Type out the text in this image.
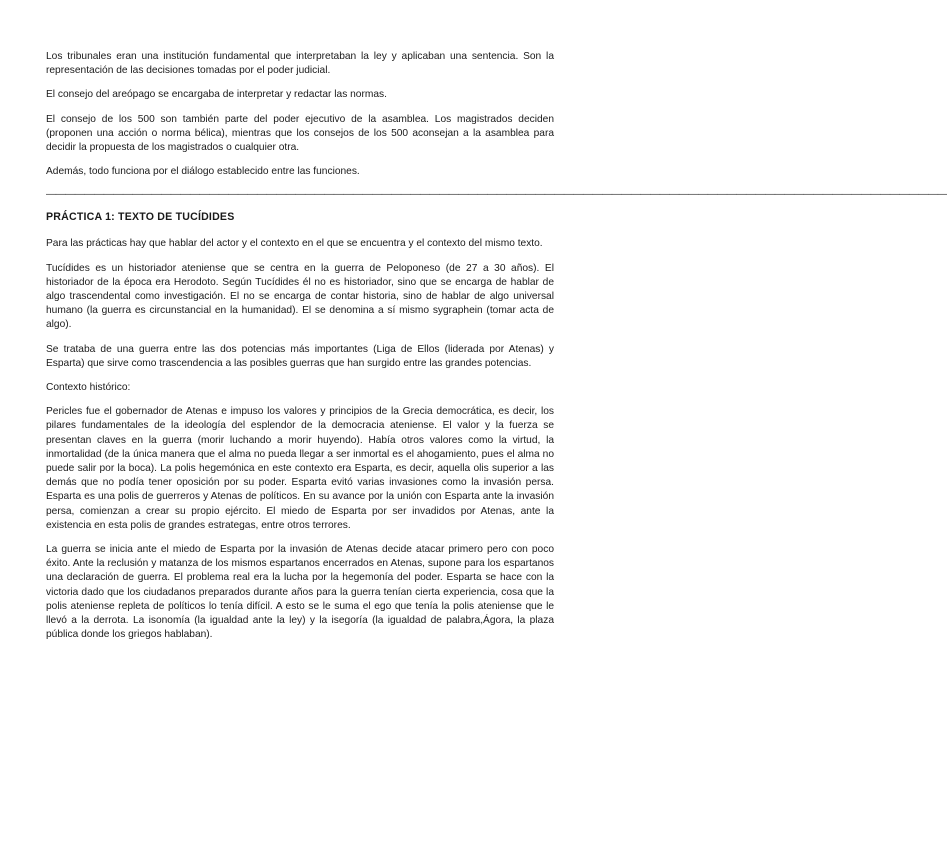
Los tribunales eran una institución fundamental que interpretaban la ley y aplicaban una sentencia. Son la representación de las decisiones tomadas por el poder judicial.

El consejo del areópago se encargaba de interpretar y redactar las normas.

El consejo de los 500 son también parte del poder ejecutivo de la asamblea. Los magistrados deciden (proponen una acción o norma bélica), mientras que los consejos de los 500 aconsejan a la asamblea para decidir la propuesta de los magistrados o cualquier otra.

Además, todo funciona por el diálogo establecido entre las funciones.

——————————————————————————————————————————————————————————————————————————————————————————————
PRÁCTICA 1: TEXTO DE TUCÍDIDES

Para las prácticas hay que hablar del actor y el contexto en el que se encuentra y el contexto del mismo texto.

Tucídides es un historiador ateniense que se centra en la guerra de Peloponeso (de 27 a 30 años). El historiador de la época era Herodoto. Según Tucídides él no es historiador, sino que se encarga de hablar de algo trascendental como investigación. El no se encarga de contar historia, sino de hablar de algo universal humano (la guerra es circunstancial en la humanidad). El se denomina a sí mismo sygraphein (tomar acta de algo).

Se trataba de una guerra entre las dos potencias más importantes (Liga de Ellos (liderada por Atenas) y Esparta) que sirve como trascendencia a las posibles guerras que han surgido entre las grandes potencias.

Contexto histórico:

Pericles fue el gobernador de Atenas e impuso los valores y principios de la Grecia democrática, es decir, los pilares fundamentales de la ideología del esplendor de la democracia ateniense. El valor y la fuerza se presentan claves en la guerra (morir luchando a morir huyendo). Había otros valores como la virtud, la inmortalidad (de la única manera que el alma no pueda llegar a ser inmortal es el ahogamiento, pues el alma no puede salir por la boca). La polis hegemónica en este contexto era Esparta, es decir, aquella olis superior a las demás que no podía tener oposición por su poder. Esparta evitó varias invasiones como la invasión persa. Esparta es una polis de guerreros y Atenas de políticos. En su avance por la unión con Esparta ante la invasión persa, comienzan a crear su propio ejército. El miedo de Esparta por ser invadidos por Atenas, ante la existencia en esta polis de grandes estrategas, entre otros terrores.

La guerra se inicia ante el miedo de Esparta por la invasión de Atenas decide atacar primero pero con poco éxito. Ante la reclusión y matanza de los mismos espartanos encerrados en Atenas, supone para los espartanos una declaración de guerra. El problema real era la lucha por la hegemonía del poder. Esparta se hace con la victoria dado que los ciudadanos preparados durante años para la guerra tenían cierta experiencia, cosa que la polis ateniense repleta de políticos lo tenía difícil. A esto se le suma el ego que tenía la polis ateniense que le llevó a la derrota. La isonomía (la igualdad ante la ley) y la isegoría (la igualdad de palabra,Ágora, la plaza pública donde los griegos hablaban).
